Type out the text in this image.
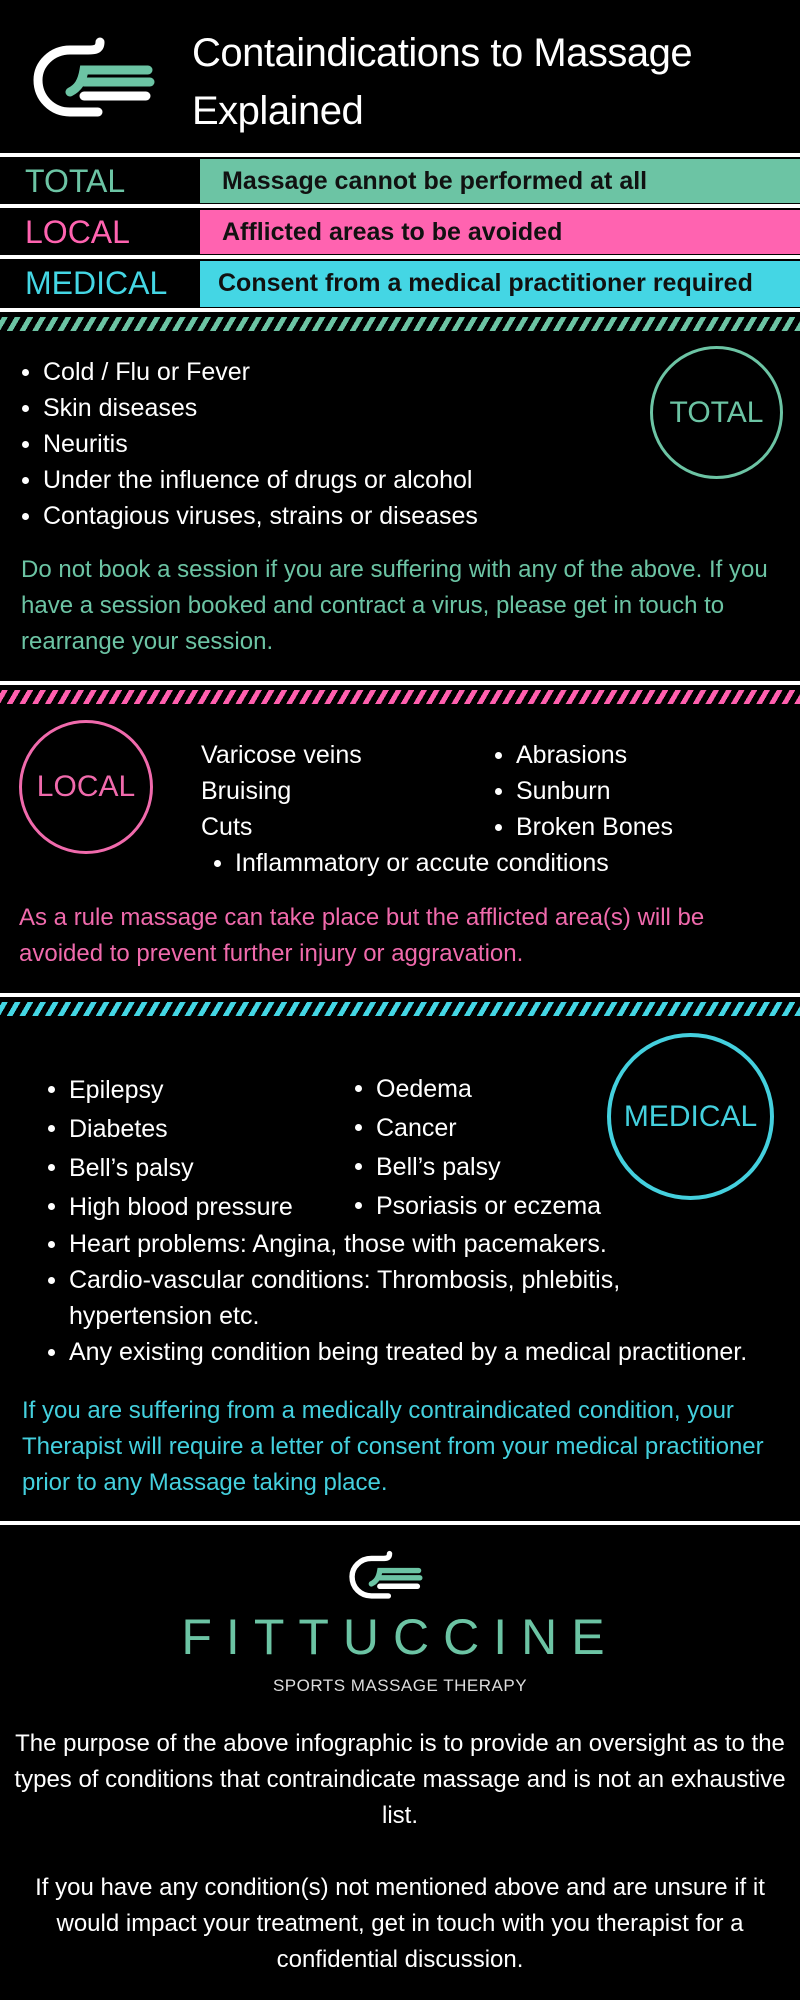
Containdications to Massage Explained
TOTAL	Massage cannot be performed at all
LOCAL	Afflicted areas to be avoided
MEDICAL	Consent from a medical practitioner required
Cold / Flu or Fever
Skin diseases
Neuritis
Under the influence of drugs or alcohol
Contagious viruses, strains or diseases
TOTAL
Do not book a session if you are suffering with any of the above. If you have a session booked and contract a virus, please get in touch to rearrange your session.
LOCAL
Varicose veins
Bruising
Cuts
Abrasions
Sunburn
Broken Bones
Inflammatory or accute conditions
As a rule massage can take place but the afflicted area(s) will be avoided to prevent further injury or aggravation.
Epilepsy
Diabetes
Bell’s palsy
High blood pressure
Oedema
Cancer
Bell’s palsy
Psoriasis or eczema
MEDICAL
Heart problems: Angina, those with pacemakers.
Cardio-vascular conditions: Thrombosis, phlebitis, hypertension etc.
Any existing condition being treated by a medical practitioner.
If you are suffering from a medically contraindicated condition, your Therapist will require a letter of consent from your medical practitioner prior to any Massage taking place.
FITTUCCINE
SPORTS MASSAGE THERAPY
The purpose of the above infographic is to provide an oversight as to the types of conditions that contraindicate massage and is not an exhaustive list.
If you have any condition(s) not mentioned above and are unsure if it would impact your treatment, get in touch with you therapist for a confidential discussion.
